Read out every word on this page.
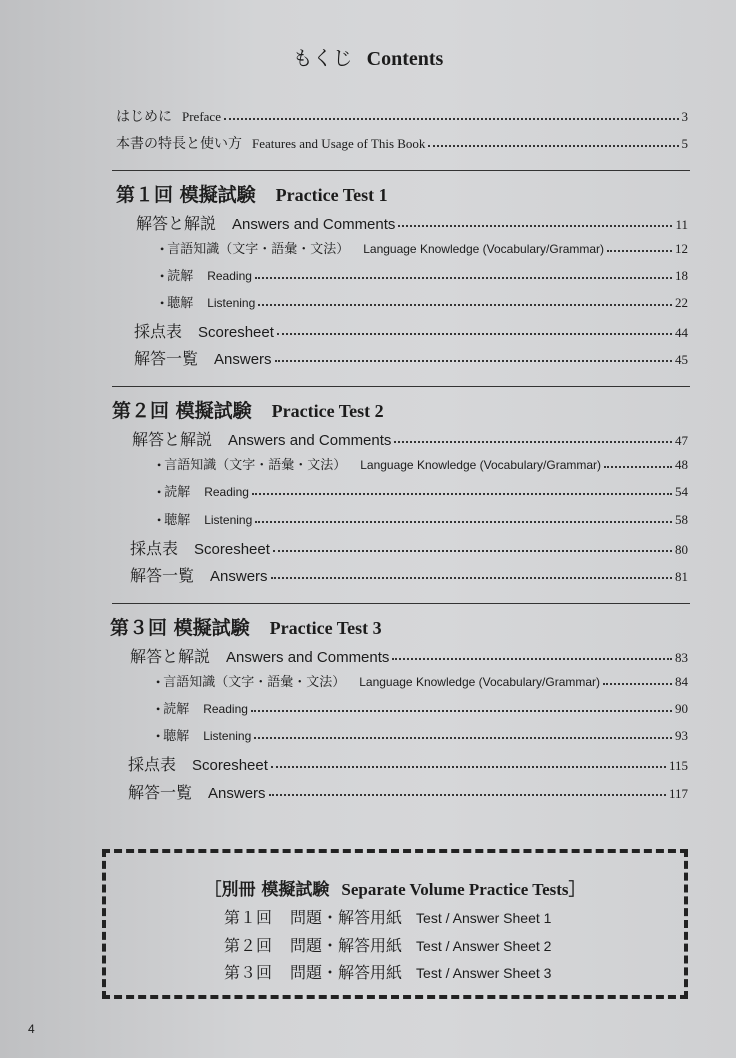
もくじ Contents
はじめに Preface	3
本書の特長と使い方 Features and Usage of This Book	5
第１回 模擬試験 Practice Test 1
解答と解説 Answers and Comments	11
• 言語知識（文字・語彙・文法） Language Knowledge (Vocabulary/Grammar)	12
• 読解 Reading	18
• 聴解 Listening	22
採点表 Scoresheet	44
解答一覧 Answers	45
第２回 模擬試験 Practice Test 2
解答と解説 Answers and Comments	47
• 言語知識（文字・語彙・文法） Language Knowledge (Vocabulary/Grammar)	48
• 読解 Reading	54
• 聴解 Listening	58
採点表 Scoresheet	80
解答一覧 Answers	81
第３回 模擬試験 Practice Test 3
解答と解説 Answers and Comments	83
• 言語知識（文字・語彙・文法） Language Knowledge (Vocabulary/Grammar)	84
• 読解 Reading	90
• 聴解 Listening	93
採点表 Scoresheet	115
解答一覧 Answers	117
［別冊 模擬試験 Separate Volume Practice Tests］
第１回 問題・解答用紙 Test / Answer Sheet 1
第２回 問題・解答用紙 Test / Answer Sheet 2
第３回 問題・解答用紙 Test / Answer Sheet 3
4
